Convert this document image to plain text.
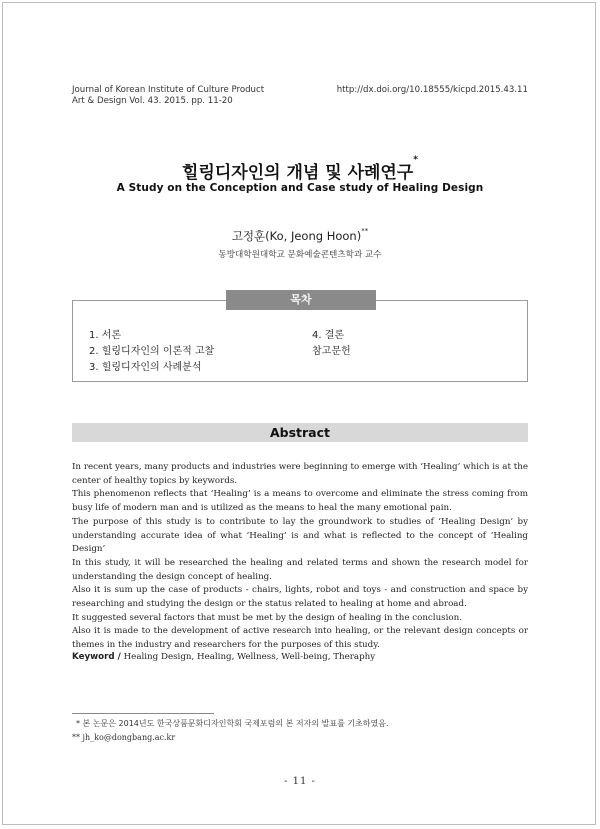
Journal of Korean Institute of Culture Product
Art & Design Vol. 43. 2015. pp. 11-20
http://dx.doi.org/10.18555/kicpd.2015.43.11
힐링디자인의 개념 및 사례연구*
A Study on the Conception and Case study of Healing Design
고정훈(Ko, Jeong Hoon)**
동방대학원대학교 문화예술콘텐츠학과 교수
목차
1. 서론
2. 힐링디자인의 이론적 고찰
3. 힐링디자인의 사례분석
4. 결론
참고문헌
Abstract

In recent years, many products and industries were beginning to emerge with ‘Healing’ which is at the center of healthy topics by keywords.

This phenomenon reflects that ‘Healing’ is a means to overcome and eliminate the stress coming from busy life of modern man and is utilized as the means to heal the many emotional pain.

The purpose of this study is to contribute to lay the groundwork to studies of ‘Healing Design’ by understanding accurate idea of what ‘Healing’ is and what is reflected to the concept of ‘Healing Design’

In this study, it will be researched the healing and related terms and shown the research model for understanding the design concept of healing.

Also it is sum up the case of products - chairs, lights, robot and toys - and construction and space by researching and studying the design or the status related to healing at home and abroad.

It suggested several factors that must be met by the design of healing in the conclusion.

Also it is made to the development of active research into healing, or the relevant design concepts or themes in the industry and researchers for the purposes of this study.

Keyword / Healing Design, Healing, Wellness, Well-being, Theraphy
* 본 논문은 2014년도 한국상품문화디자인학회 국제포럼의 본 저자의 발표를 기초하였음.
** jh_ko@dongbang.ac.kr
- 11 -
